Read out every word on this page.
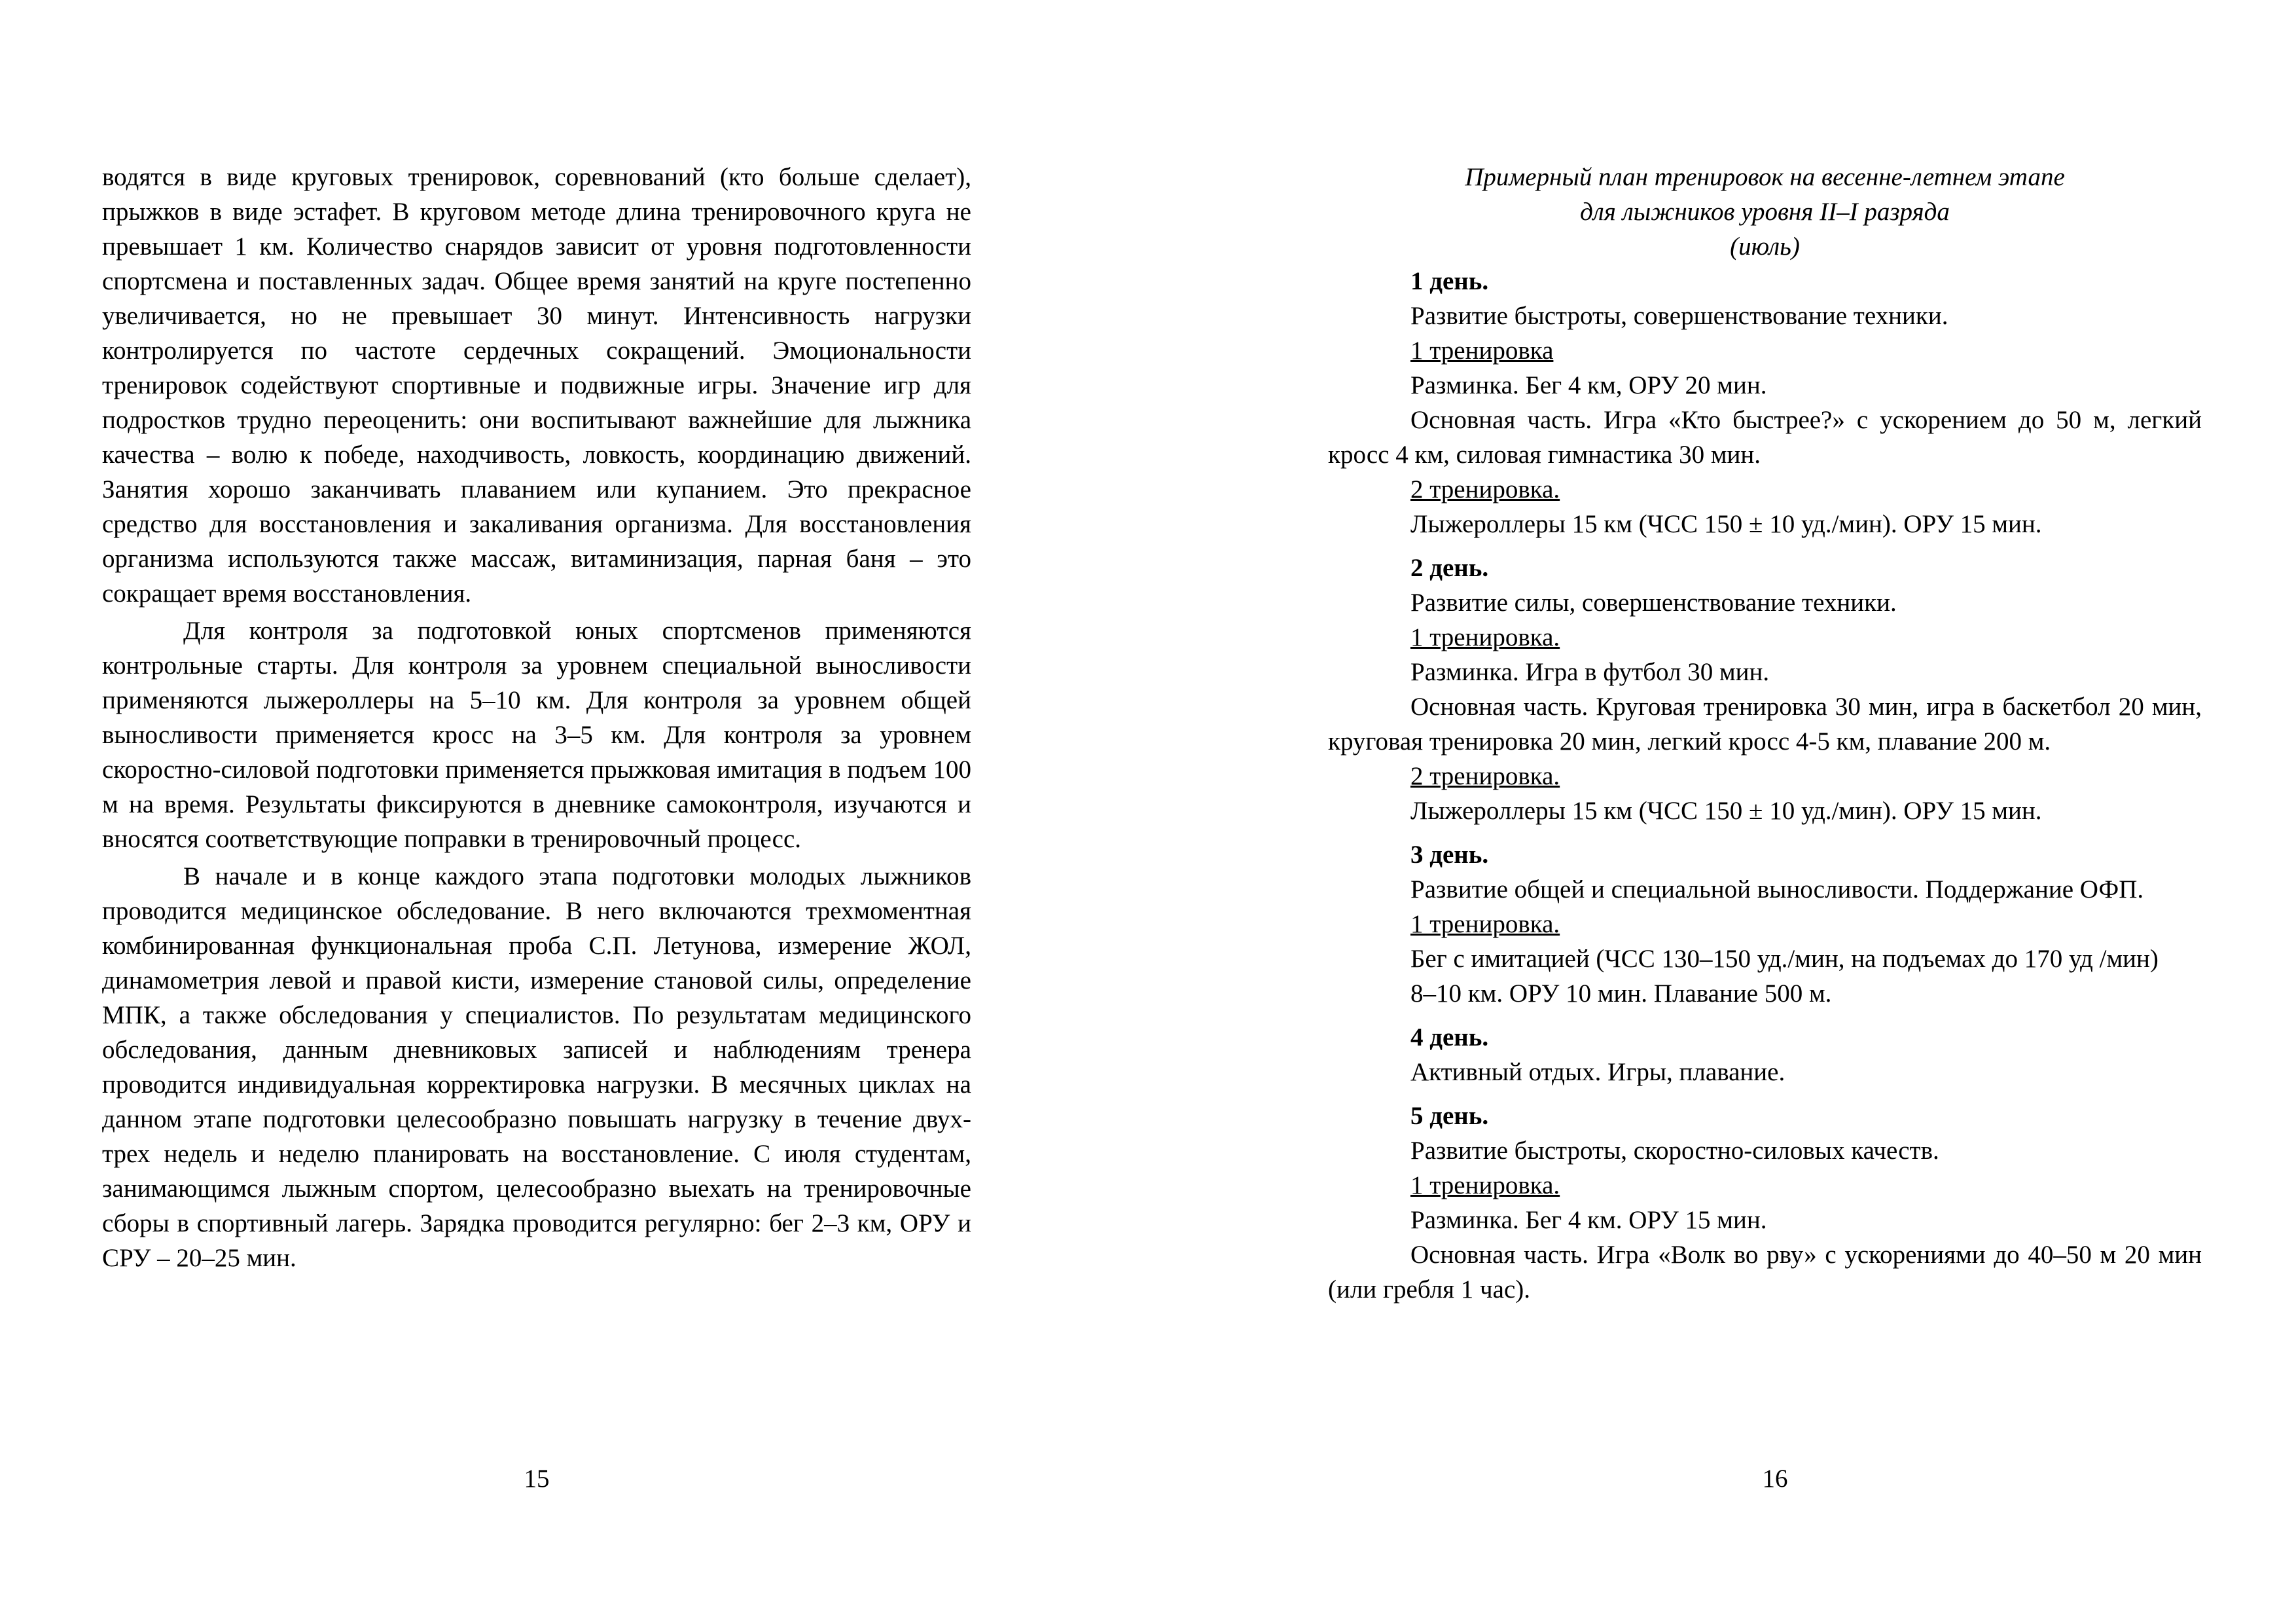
водятся в виде круговых тренировок, соревнований (кто больше сделает), прыжков в виде эстафет. В круговом методе длина тренировочного круга не превышает 1 км. Количество снарядов зависит от уровня подготовленности спортсмена и поставленных задач. Общее время занятий на круге постепенно увеличивается, но не превышает 30 минут. Интенсивность нагрузки контролируется по частоте сердечных сокращений. Эмоциональности тренировок содействуют спортивные и подвижные игры. Значение игр для подростков трудно переоценить: они воспитывают важнейшие для лыжника качества – волю к победе, находчивость, ловкость, координацию движений. Занятия хорошо заканчивать плаванием или купанием. Это прекрасное средство для восстановления и закаливания организма. Для восстановления организма используются также массаж, витаминизация, парная баня – это сокращает время восстановления.

Для контроля за подготовкой юных спортсменов применяются контрольные старты. Для контроля за уровнем специальной выносливости применяются лыжероллеры на 5–10 км. Для контроля за уровнем общей выносливости применяется кросс на 3–5 км. Для контроля за уровнем скоростно-силовой подготовки применяется прыжковая имитация в подъем 100 м на время. Результаты фиксируются в дневнике самоконтроля, изучаются и вносятся соответствующие поправки в тренировочный процесс.

В начале и в конце каждого этапа подготовки молодых лыжников проводится медицинское обследование. В него включаются трехмоментная комбинированная функциональная проба С.П. Летунова, измерение ЖОЛ, динамометрия левой и правой кисти, измерение становой силы, определение МПК, а также обследования у специалистов. По результатам медицинского обследования, данным дневниковых записей и наблюдениям тренера проводится индивидуальная корректировка нагрузки. В месячных циклах на данном этапе подготовки целесообразно повышать нагрузку в течение двух-трех недель и неделю планировать на восстановление. С июля студентам, занимающимся лыжным спортом, целесообразно выехать на тренировочные сборы в спортивный лагерь. Зарядка проводится регулярно: бег 2–3 км, ОРУ и СРУ – 20–25 мин.

15
Примерный план тренировок на весенне-летнем этапе
для лыжников уровня II–I разряда
(июль)

1 день.

Развитие быстроты, совершенствование техники.

1 тренировка

Разминка. Бег 4 км, ОРУ 20 мин.

Основная часть. Игра «Кто быстрее?» с ускорением до 50 м, легкий кросс 4 км, силовая гимнастика 30 мин.

2 тренировка.

Лыжероллеры 15 км (ЧСС 150 ± 10 уд./мин). ОРУ 15 мин.

2 день.

Развитие силы, совершенствование техники.

1 тренировка.

Разминка. Игра в футбол 30 мин.

Основная часть. Круговая тренировка 30 мин, игра в баскетбол 20 мин, круговая тренировка 20 мин, легкий кросс 4-5 км, плавание 200 м.

2 тренировка.

Лыжероллеры 15 км (ЧСС 150 ± 10 уд./мин). ОРУ 15 мин.

3 день.

Развитие общей и специальной выносливости. Поддержание ОФП.

1 тренировка.

Бег с имитацией (ЧСС 130–150 уд./мин, на подъемах до 170 уд /мин)

8–10 км. ОРУ 10 мин. Плавание 500 м.

4 день.

Активный отдых. Игры, плавание.

5 день.

Развитие быстроты, скоростно-силовых качеств.

1 тренировка.

Разминка. Бег 4 км. ОРУ 15 мин.

Основная часть. Игра «Волк во рву» с ускорениями до 40–50 м 20 мин (или гребля 1 час).

16
